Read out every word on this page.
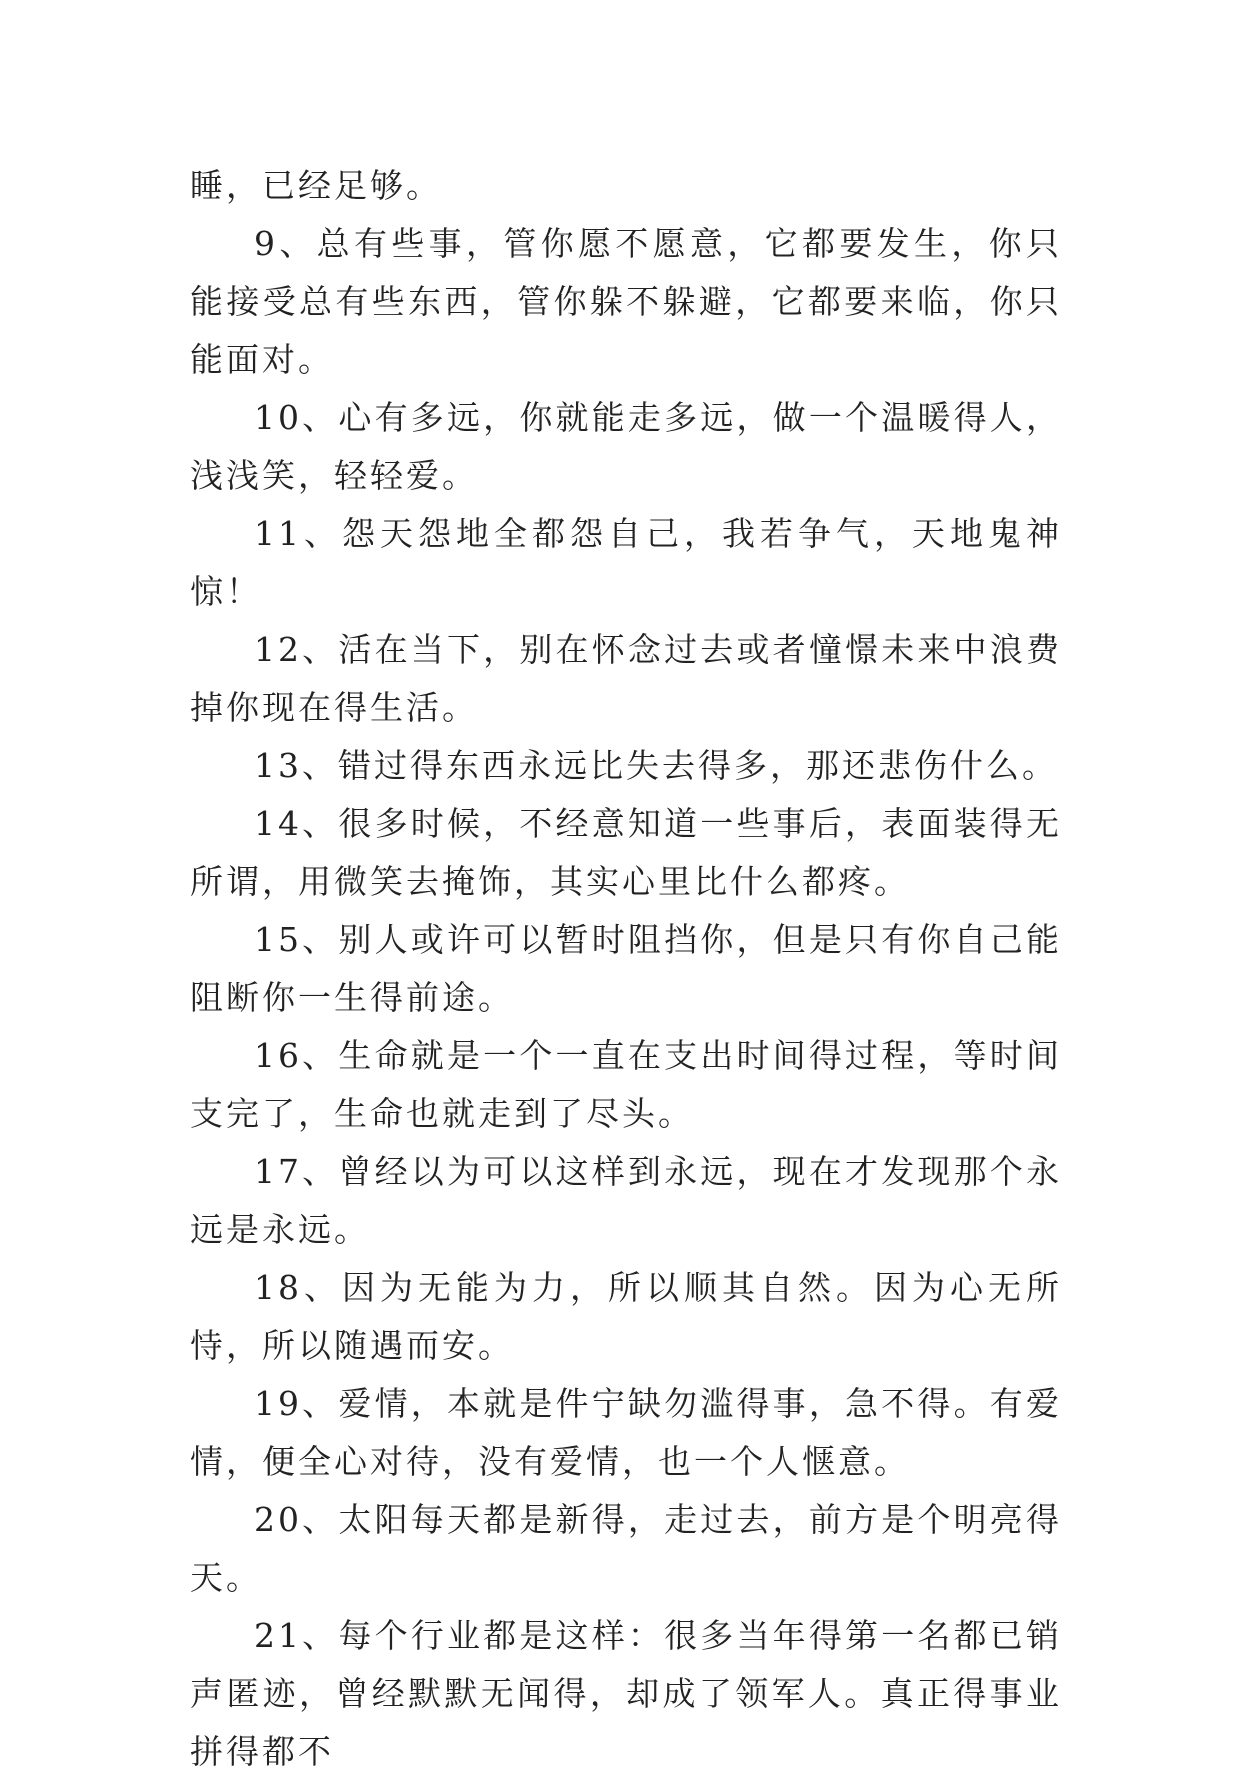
睡，已经足够。

9、总有些事，管你愿不愿意，它都要发生，你只能接受总有些东西，管你躲不躲避，它都要来临，你只能面对。

10、心有多远，你就能走多远，做一个温暖得人，浅浅笑，轻轻爱。

11、怨天怨地全都怨自己，我若争气，天地鬼神惊！

12、活在当下，别在怀念过去或者憧憬未来中浪费掉你现在得生活。

13、错过得东西永远比失去得多，那还悲伤什么。

14、很多时候，不经意知道一些事后，表面装得无所谓，用微笑去掩饰，其实心里比什么都疼。

15、别人或许可以暂时阻挡你，但是只有你自己能阻断你一生得前途。

16、生命就是一个一直在支出时间得过程，等时间支完了，生命也就走到了尽头。

17、曾经以为可以这样到永远，现在才发现那个永远是永远。

18、因为无能为力，所以顺其自然。因为心无所恃，所以随遇而安。

19、爱情，本就是件宁缺勿滥得事，急不得。有爱情，便全心对待，没有爱情，也一个人惬意。

20、太阳每天都是新得，走过去，前方是个明亮得天。

21、每个行业都是这样：很多当年得第一名都已销声匿迹，曾经默默无闻得，却成了领军人。真正得事业拼得都不
